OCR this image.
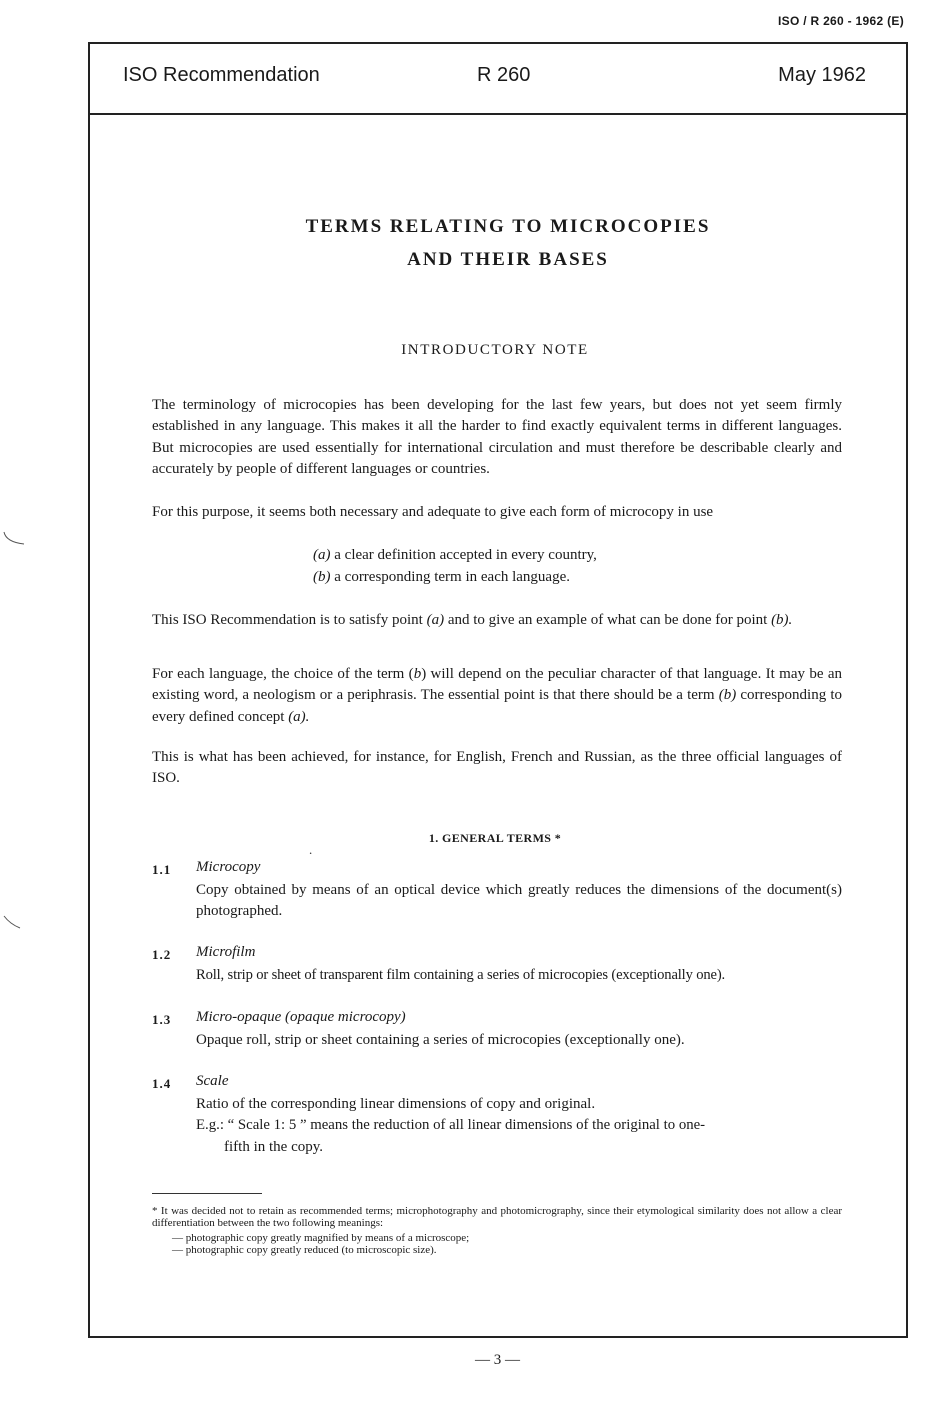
ISO / R 260 - 1962 (E)
ISO Recommendation	R 260	May 1962
TERMS RELATING TO MICROCOPIES
AND THEIR BASES
INTRODUCTORY NOTE
The terminology of microcopies has been developing for the last few years, but does not yet seem firmly established in any language. This makes it all the harder to find exactly equivalent terms in different languages. But microcopies are used essentially for international circulation and must therefore be describable clearly and accurately by people of different languages or countries.
For this purpose, it seems both necessary and adequate to give each form of microcopy in use
(a) a clear definition accepted in every country,
(b) a corresponding term in each language.
This ISO Recommendation is to satisfy point (a) and to give an example of what can be done for point (b).
For each language, the choice of the term (b) will depend on the peculiar character of that language. It may be an existing word, a neologism or a periphrasis. The essential point is that there should be a term (b) corresponding to every defined concept (a).
This is what has been achieved, for instance, for English, French and Russian, as the three official languages of ISO.
1. GENERAL TERMS *
.
1.1 Microcopy
Copy obtained by means of an optical device which greatly reduces the dimensions of the document(s) photographed.
1.2 Microfilm
Roll, strip or sheet of transparent film containing a series of microcopies (exceptionally one).
1.3 Micro-opaque (opaque microcopy)
Opaque roll, strip or sheet containing a series of microcopies (exceptionally one).
1.4 Scale
Ratio of the corresponding linear dimensions of copy and original.
E.g.: “ Scale 1: 5 ” means the reduction of all linear dimensions of the original to one-
fifth in the copy.
* It was decided not to retain as recommended terms; microphotography and photomicrography, since their etymological similarity does not allow a clear differentiation between the two following meanings:
— photographic copy greatly magnified by means of a microscope;
— photographic copy greatly reduced (to microscopic size).
— 3 —
